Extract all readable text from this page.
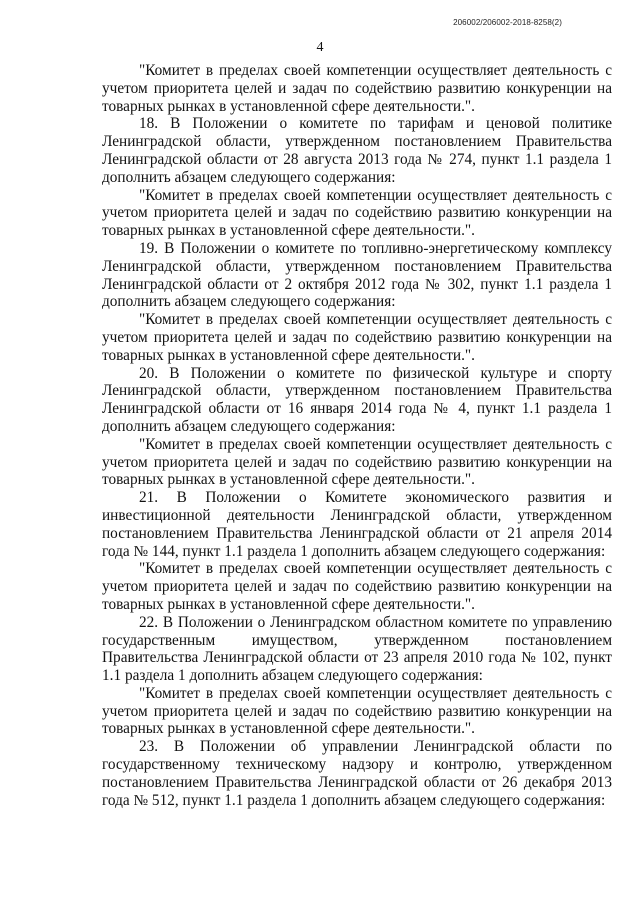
206002/206002-2018-8258(2)
4

"Комитет в пределах своей компетенции осуществляет деятельность с учетом приоритета целей и задач по содействию развитию конкуренции на товарных рынках в установленной сфере деятельности.".

18. В Положении о комитете по тарифам и ценовой политике Ленинградской области, утвержденном постановлением Правительства Ленинградской области от 28 августа 2013 года № 274, пункт 1.1 раздела 1 дополнить абзацем следующего содержания:

"Комитет в пределах своей компетенции осуществляет деятельность с учетом приоритета целей и задач по содействию развитию конкуренции на товарных рынках в установленной сфере деятельности.".

19. В Положении о комитете по топливно-энергетическому комплексу Ленинградской области, утвержденном постановлением Правительства Ленинградской области от 2 октября 2012 года № 302, пункт 1.1 раздела 1 дополнить абзацем следующего содержания:

"Комитет в пределах своей компетенции осуществляет деятельность с учетом приоритета целей и задач по содействию развитию конкуренции на товарных рынках в установленной сфере деятельности.".

20. В Положении о комитете по физической культуре и спорту Ленинградской области, утвержденном постановлением Правительства Ленинградской области от 16 января 2014 года № 4, пункт 1.1 раздела 1 дополнить абзацем следующего содержания:

"Комитет в пределах своей компетенции осуществляет деятельность с учетом приоритета целей и задач по содействию развитию конкуренции на товарных рынках в установленной сфере деятельности.".

21. В Положении о Комитете экономического развития и инвестиционной деятельности Ленинградской области, утвержденном постановлением Правительства Ленинградской области от 21 апреля 2014 года № 144, пункт 1.1 раздела 1 дополнить абзацем следующего содержания:

"Комитет в пределах своей компетенции осуществляет деятельность с учетом приоритета целей и задач по содействию развитию конкуренции на товарных рынках в установленной сфере деятельности.".

22. В Положении о Ленинградском областном комитете по управлению государственным имуществом, утвержденном постановлением Правительства Ленинградской области от 23 апреля 2010 года № 102, пункт 1.1 раздела 1 дополнить абзацем следующего содержания:

"Комитет в пределах своей компетенции осуществляет деятельность с учетом приоритета целей и задач по содействию развитию конкуренции на товарных рынках в установленной сфере деятельности.".

23. В Положении об управлении Ленинградской области по государственному техническому надзору и контролю, утвержденном постановлением Правительства Ленинградской области от 26 декабря 2013 года № 512, пункт 1.1 раздела 1 дополнить абзацем следующего содержания:
